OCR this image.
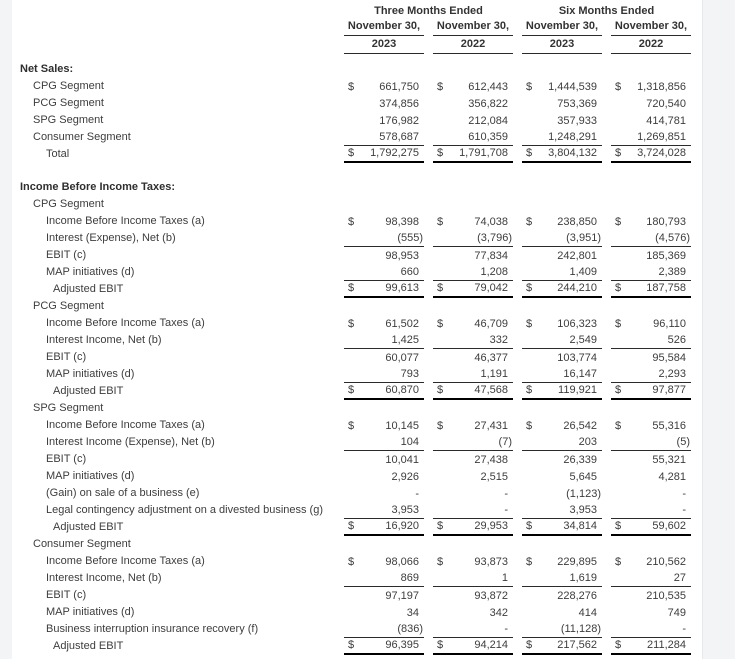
Three Months Ended	Six Months Ended
November 30,	November 30,	November 30,	November 30,
2023	2022	2023	2022
Net Sales:
CPG Segment	$ 661,750	$ 612,443	$ 1,444,539	$ 1,318,856
PCG Segment	374,856	356,822	753,369	720,540
SPG Segment	176,982	212,084	357,933	414,781
Consumer Segment	578,687	610,359	1,248,291	1,269,851
Total	$ 1,792,275	$ 1,791,708	$ 3,804,132	$ 3,724,028
Income Before Income Taxes:
CPG Segment
Income Before Income Taxes (a)	$	98,398	$	74,038	$ 238,850	$ 180,793
Interest (Expense), Net (b)	(555)	(3,796)	(3,951)	(4,576)
EBIT (c)	98,953	77,834	242,801	185,369
MAP initiatives (d)	660	1,208	1,409	2,389
Adjusted EBIT	$	99,613	$	79,042	$ 244,210	$ 187,758
PCG Segment
Income Before Income Taxes (a)	$	61,502	$	46,709	$ 106,323	$	96,110
Interest Income, Net (b)	1,425	332	2,549	526
EBIT (c)	60,077	46,377	103,774	95,584
MAP initiatives (d)	793	1,191	16,147	2,293
Adjusted EBIT	$	60,870	$	47,568	$ 119,921	$	97,877
SPG Segment
Income Before Income Taxes (a)	$	10,145	$	27,431	$	26,542	$	55,316
Interest Income (Expense), Net (b)	104	(7)	203	(5)
EBIT (c)	10,041	27,438	26,339	55,321
MAP initiatives (d)	2,926	2,515	5,645	4,281
(Gain) on sale of a business (e)	-	-	(1,123)	-
Legal contingency adjustment on a divested business (g)	3,953	-	3,953	-
Adjusted EBIT	$	16,920	$	29,953	$	34,814	$	59,602
Consumer Segment
Income Before Income Taxes (a)	$	98,066	$	93,873	$ 229,895	$ 210,562
Interest Income, Net (b)	869	1	1,619	27
EBIT (c)	97,197	93,872	228,276	210,535
MAP initiatives (d)	34	342	414	749
Business interruption insurance recovery (f)	(836)	-	(11,128)	-
Adjusted EBIT	$	96,395	$	94,214	$ 217,562	$ 211,284
